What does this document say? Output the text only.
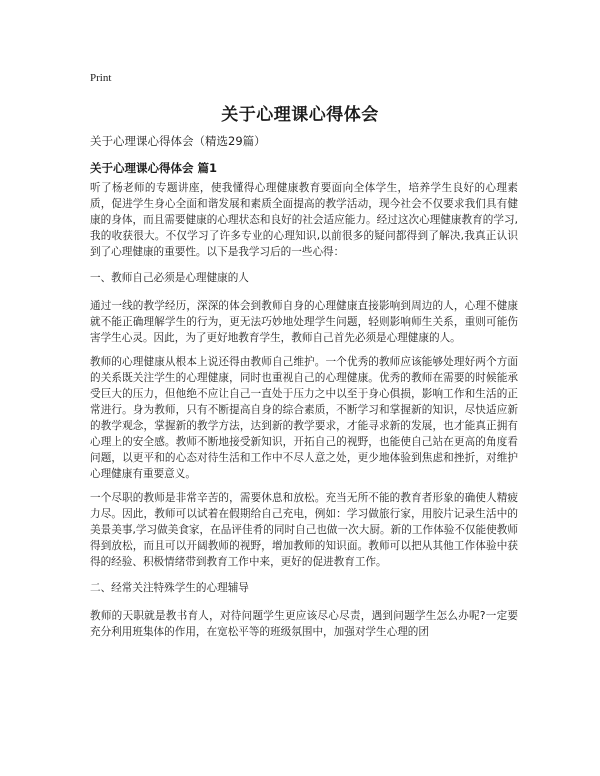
Print
关于心理课心得体会
关于心理课心得体会（精选29篇）
关于心理课心得体会 篇1

听了杨老师的专题讲座，使我懂得心理健康教育要面向全体学生，培养学生良好的心理素质，促进学生身心全面和谐发展和素质全面提高的教学活动，现今社会不仅要求我们具有健康的身体，而且需要健康的心理状态和良好的社会适应能力。经过这次心理健康教育的学习,我的收获很大。不仅学习了许多专业的心理知识,以前很多的疑问都得到了解决,我真正认识到了心理健康的重要性。以下是我学习后的一些心得：

一、教师自己必须是心理健康的人

通过一线的教学经历，深深的体会到教师自身的心理健康直接影响到周边的人，心理不健康就不能正确理解学生的行为，更无法巧妙地处理学生问题，轻则影响师生关系，重则可能伤害学生心灵。因此，为了更好地教育学生，教师自己首先必须是心理健康的人。

教师的心理健康从根本上说还得由教师自己维护。一个优秀的教师应该能够处理好两个方面的关系既关注学生的心理健康，同时也重视自己的心理健康。优秀的教师在需要的时候能承受巨大的压力，但他绝不应让自己一直处于压力之中以至于身心俱损，影响工作和生活的正常进行。身为教师，只有不断提高自身的综合素质，不断学习和掌握新的知识，尽快适应新的教学观念，掌握新的教学方法，达到新的教学要求，才能寻求新的发展，也才能真正拥有心理上的安全感。教师不断地接受新知识，开拓自己的视野，也能使自己站在更高的角度看问题，以更平和的心态对待生活和工作中不尽人意之处，更少地体验到焦虑和挫折，对维护心理健康有重要意义。

一个尽职的教师是非常辛苦的，需要休息和放松。充当无所不能的教育者形象的确使人精疲力尽。因此，教师可以试着在假期给自己充电，例如：学习做旅行家，用胶片记录生活中的美景美事,学习做美食家，在品评佳肴的同时自己也做一次大厨。新的工作体验不仅能使教师得到放松，而且可以开阔教师的视野，增加教师的知识面。教师可以把从其他工作体验中获得的经验、积极情绪带到教育工作中来，更好的促进教育工作。

二、经常关注特殊学生的心理辅导

教师的天职就是教书育人，对待问题学生更应该尽心尽责，遇到问题学生怎么办呢?一定要充分利用班集体的作用，在宽松平等的班级氛围中，加强对学生心理的团
